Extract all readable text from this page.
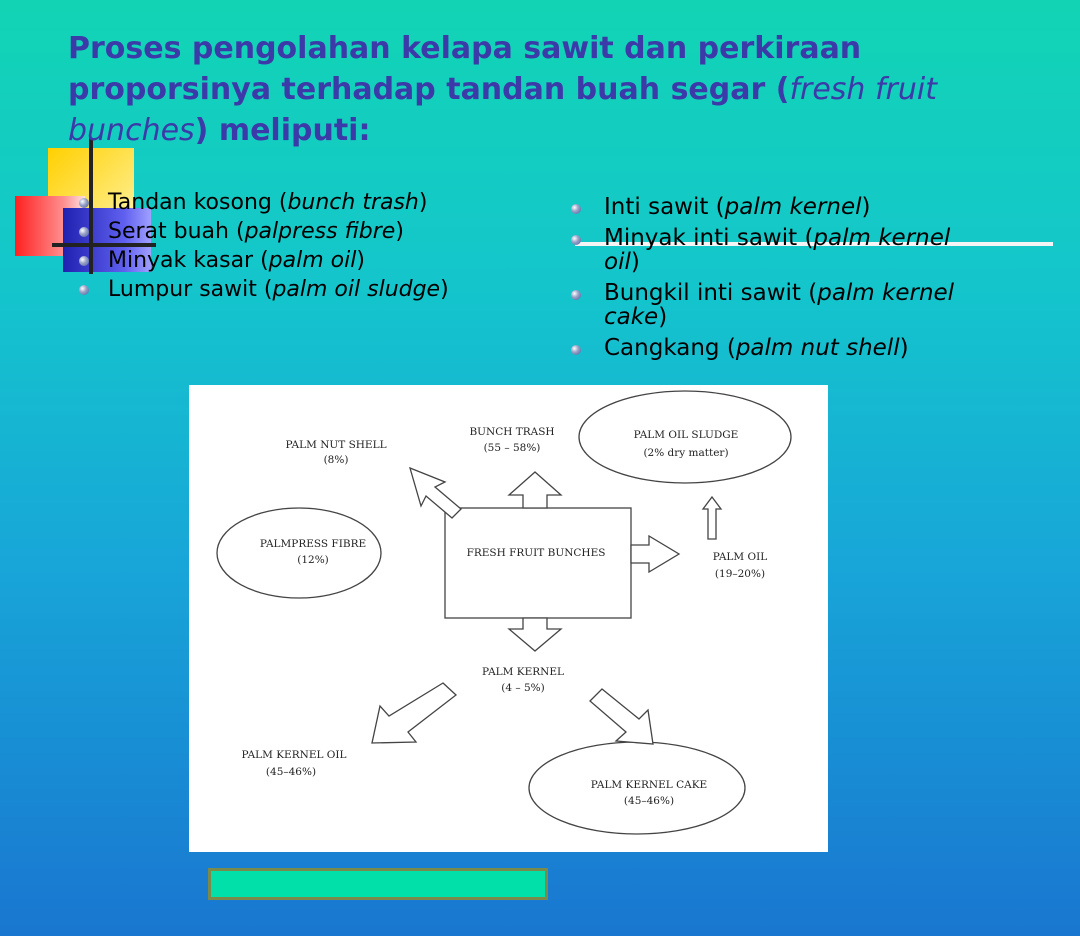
Proses pengolahan kelapa sawit dan perkiraan proporsinya terhadap tandan buah segar (fresh fruit bunches) meliputi:
Tandan kosong (bunch trash)
Serat buah (palpress fibre)
Minyak kasar (palm oil)
Lumpur sawit (palm oil sludge)
Inti sawit (palm kernel)
Minyak inti sawit (palm kernel
oil)
Bungkil inti sawit (palm kernel
cake)
Cangkang (palm nut shell)
FRESH FRUIT BUNCHES
PALM NUT SHELL
(8%)
BUNCH TRASH
(55 – 58%)
PALM OIL SLUDGE
(2% dry matter)
PALMPRESS FIBRE
(12%)	PALM OIL
(19–20%)
PALM KERNEL
(4 – 5%)
PALM KERNEL OIL
(45–46%)
PALM KERNEL CAKE
(45–46%)
